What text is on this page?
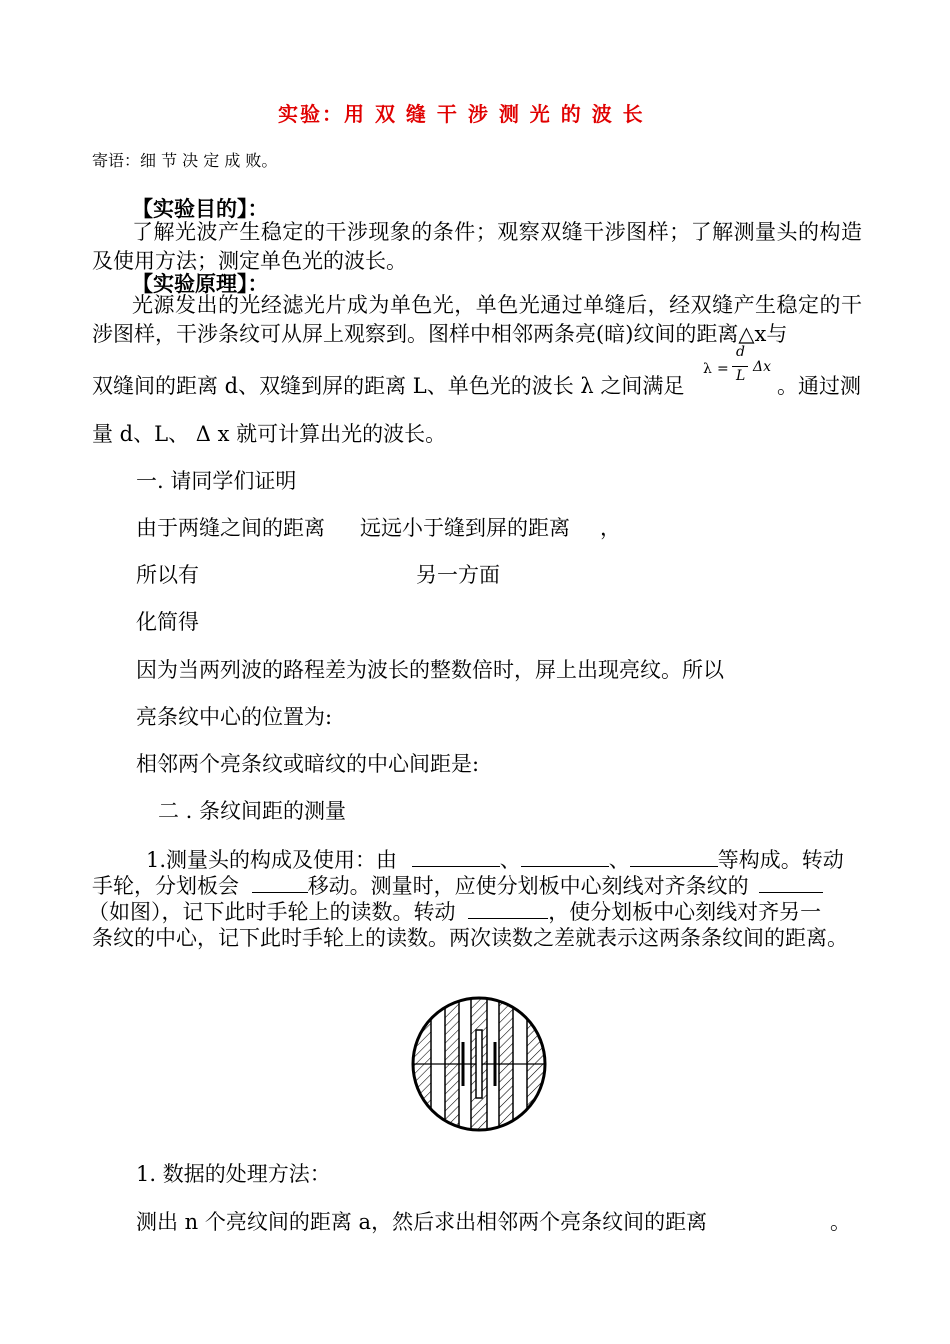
实验：用 双 缝 干 涉 测 光 的 波 长
寄语：细 节 决 定 成 败。
【实验目的】：
了解光波产生稳定的干涉现象的条件；观察双缝干涉图样；了解测量头的构造及使用方法；测定单色光的波长。
【实验原理】：
光源发出的光经滤光片成为单色光，单色光通过单缝后，经双缝产生稳定的干涉图样，干涉条纹可从屏上观察到。图样中相邻两条亮(暗)纹间的距离△x与
双缝间的距离 d、双缝到屏的距离 L、单色光的波长 λ 之间满足
λ =
d
L
Δx
。通过测
量 d、L、 Δ x 就可计算出光的波长。
一. 请同学们证明
由于两缝之间的距离 远远小于缝到屏的距离 ，
所以有	另一方面
化简得
因为当两列波的路程差为波长的整数倍时，屏上出现亮纹。所以
亮条纹中心的位置为:
相邻两个亮条纹或暗纹的中心间距是:
二 . 条纹间距的测量
1.测量头的构成及使用：由	、	、	等构成。转动
手轮，分划板会	移动。测量时，应使分划板中心刻线对齐条纹的
（如图），记下此时手轮上的读数。转动	，使分划板中心刻线对齐另一
条纹的中心，记下此时手轮上的读数。两次读数之差就表示这两条条纹间的距离。
1. 数据的处理方法：
测出 n 个亮纹间的距离 a，然后求出相邻两个亮条纹间的距离	。
